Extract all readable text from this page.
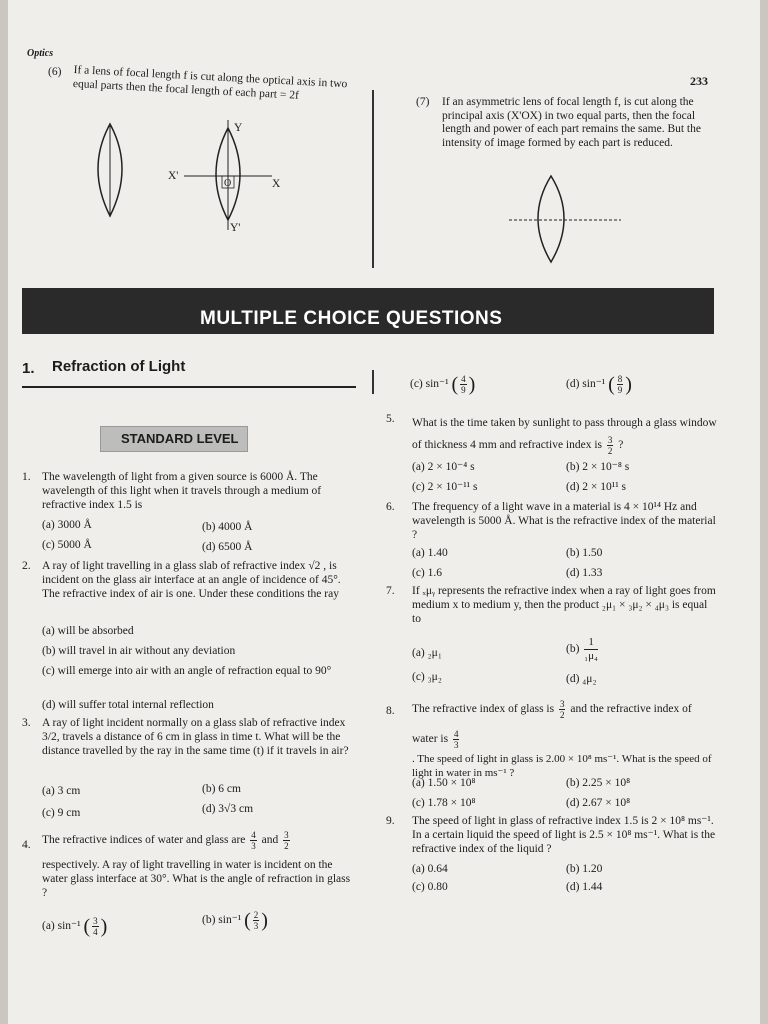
Optics
233
(6) If a lens of focal length f is cut along the optical axis in two equal parts then the focal length of each part = 2f
Y
Y'
X
X'
O
(7) If an asymmetric lens of focal length f, is cut along the principal axis (X'OX) in two equal parts, then the focal length and power of each part remains the same. But the intensity of image formed by each part is reduced.
MULTIPLE CHOICE QUESTIONS
1. Refraction of Light
STANDARD LEVEL
1. The wavelength of light from a given source is 6000 Å. The wavelength of this light when it travels through a medium of refractive index 1.5 is
(a) 3000 Å	(b) 4000 Å
(c) 5000 Å	(d) 6500 Å
2. A ray of light travelling in a glass slab of refractive index √2 , is incident on the glass air interface at an angle of incidence of 45°. The refractive index of air is one. Under these conditions the ray
(a) will be absorbed
(b) will travel in air without any deviation
(c) will emerge into air with an angle of refraction equal to 90°
(d) will suffer total internal reflection
3. A ray of light incident normally on a glass slab of refractive index 3/2, travels a distance of 6 cm in glass in time t. What will be the distance travelled by the ray in the same time (t) if it travels in air?
(a) 3 cm	(b) 6 cm
(c) 9 cm	(d) 3√3 cm
4. The refractive indices of water and glass are $\frac{4}{3}$ and $\frac{3}{2}$
respectively. A ray of light travelling in water is incident on the water glass interface at 30°. What is the angle of refraction in glass ?
(a) sin⁻¹ ( $\frac{3}{4}$ )	(b) sin⁻¹ ( $\frac{2}{3}$ )
(c) sin⁻¹ ( $\frac{4}{9}$ )	(d) sin⁻¹ ( $\frac{8}{9}$ )
5. What is the time taken by sunlight to pass through a glass window of thickness 4 mm and refractive index is $\frac{3}{2}$ ?
(a) 2 × 10⁻⁴ s	(b) 2 × 10⁻⁸ s
(c) 2 × 10⁻¹¹ s	(d) 2 × 10¹¹ s
6. The frequency of a light wave in a material is 4 × 10¹⁴ Hz and wavelength is 5000 Å. What is the refractive index of the material ?
(a) 1.40	(b) 1.50
(c) 1.6	(d) 1.33
7. If ₓμᵧ represents the refractive index when a ray of light goes from medium x to medium y, then the product ₂μ₁ × ₃μ₂ × ₄μ₃ is equal to
(a) ₂μ₁	$(b) \frac{1}{\text{₁μ₄}}$
(c) ₃μ₂	(d) ₄μ₂
8. The refractive index of glass is $\frac{3}{2}$ and the refractive index of water is $\frac{4}{3}$
. The speed of light in glass is 2.00 × 10⁸ ms⁻¹. What is the speed of light in water in ms⁻¹ ?
(a) 1.50 × 10⁸	(b) 2.25 × 10⁸
(c) 1.78 × 10⁸	(d) 2.67 × 10⁸
9. The speed of light in glass of refractive index 1.5 is 2 × 10⁸ ms⁻¹. In a certain liquid the speed of light is 2.5 × 10⁸ ms⁻¹. What is the refractive index of the liquid ?
(a) 0.64	(b) 1.20
(c) 0.80	(d) 1.44
